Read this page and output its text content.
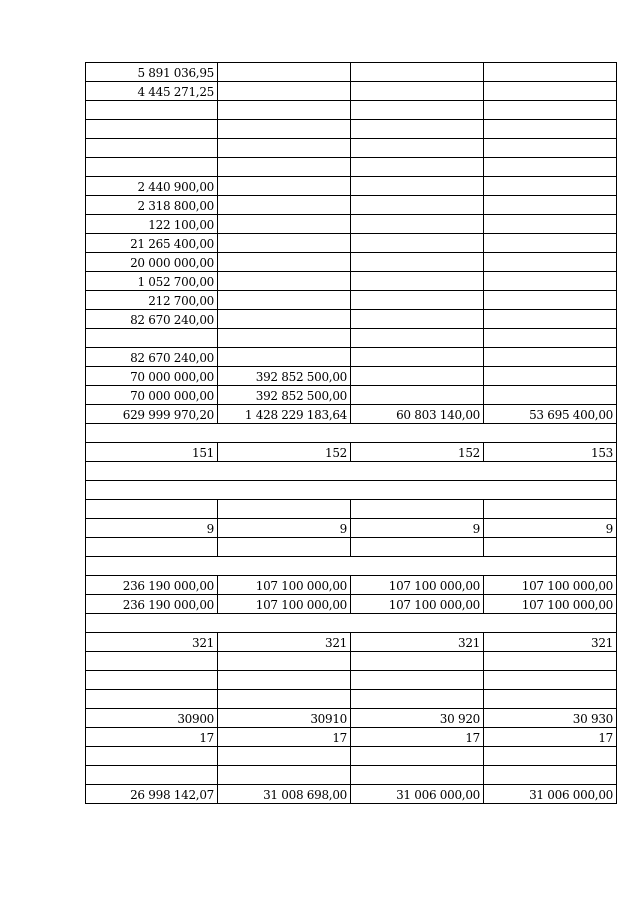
5 891 036,95			
4 445 271,25			

2 440 900,00			
2 318 800,00			
122 100,00			
21 265 400,00			
20 000 000,00			
1 052 700,00			
212 700,00			
82 670 240,00			

82 670 240,00			
70 000 000,00	392 852 500,00		
70 000 000,00	392 852 500,00		
629 999 970,20	1 428 229 183,64	60 803 140,00	53 695 400,00

151	152	152	153

9	9	9	9

236 190 000,00	107 100 000,00	107 100 000,00	107 100 000,00
236 190 000,00	107 100 000,00	107 100 000,00	107 100 000,00

321	321	321	321

30900	30910	30 920	30 930
17	17	17	17

26 998 142,07	31 008 698,00	31 006 000,00	31 006 000,00
